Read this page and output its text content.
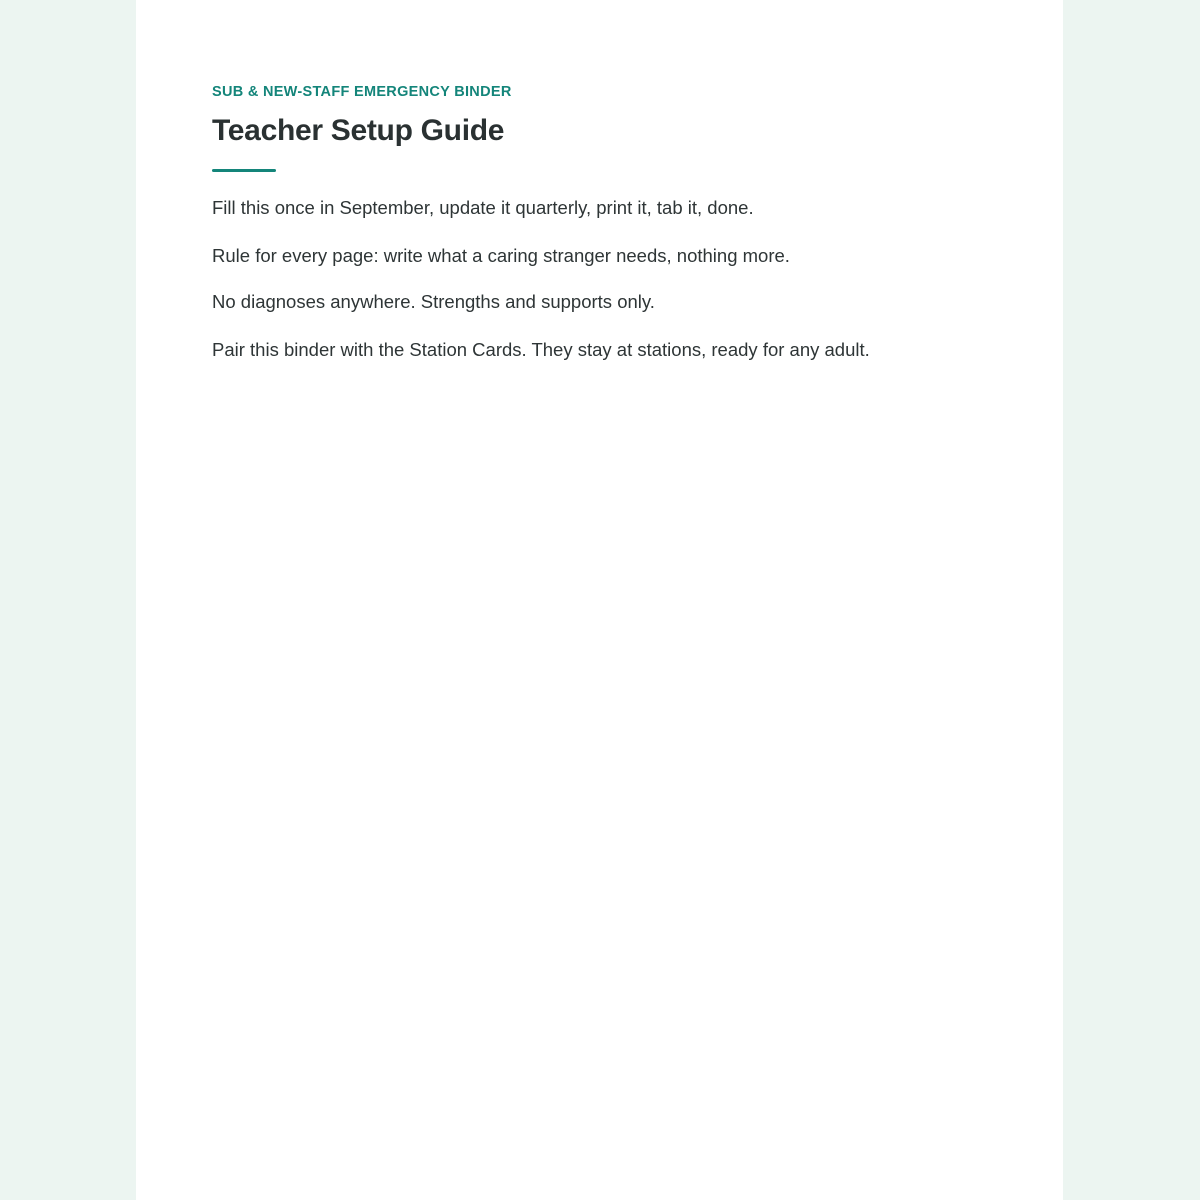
SUB & NEW-STAFF EMERGENCY BINDER

Teacher Setup Guide

Fill this once in September, update it quarterly, print it, tab it, done.

Rule for every page: write what a caring stranger needs, nothing more.

No diagnoses anywhere. Strengths and supports only.

Pair this binder with the Station Cards. They stay at stations, ready for any adult.
